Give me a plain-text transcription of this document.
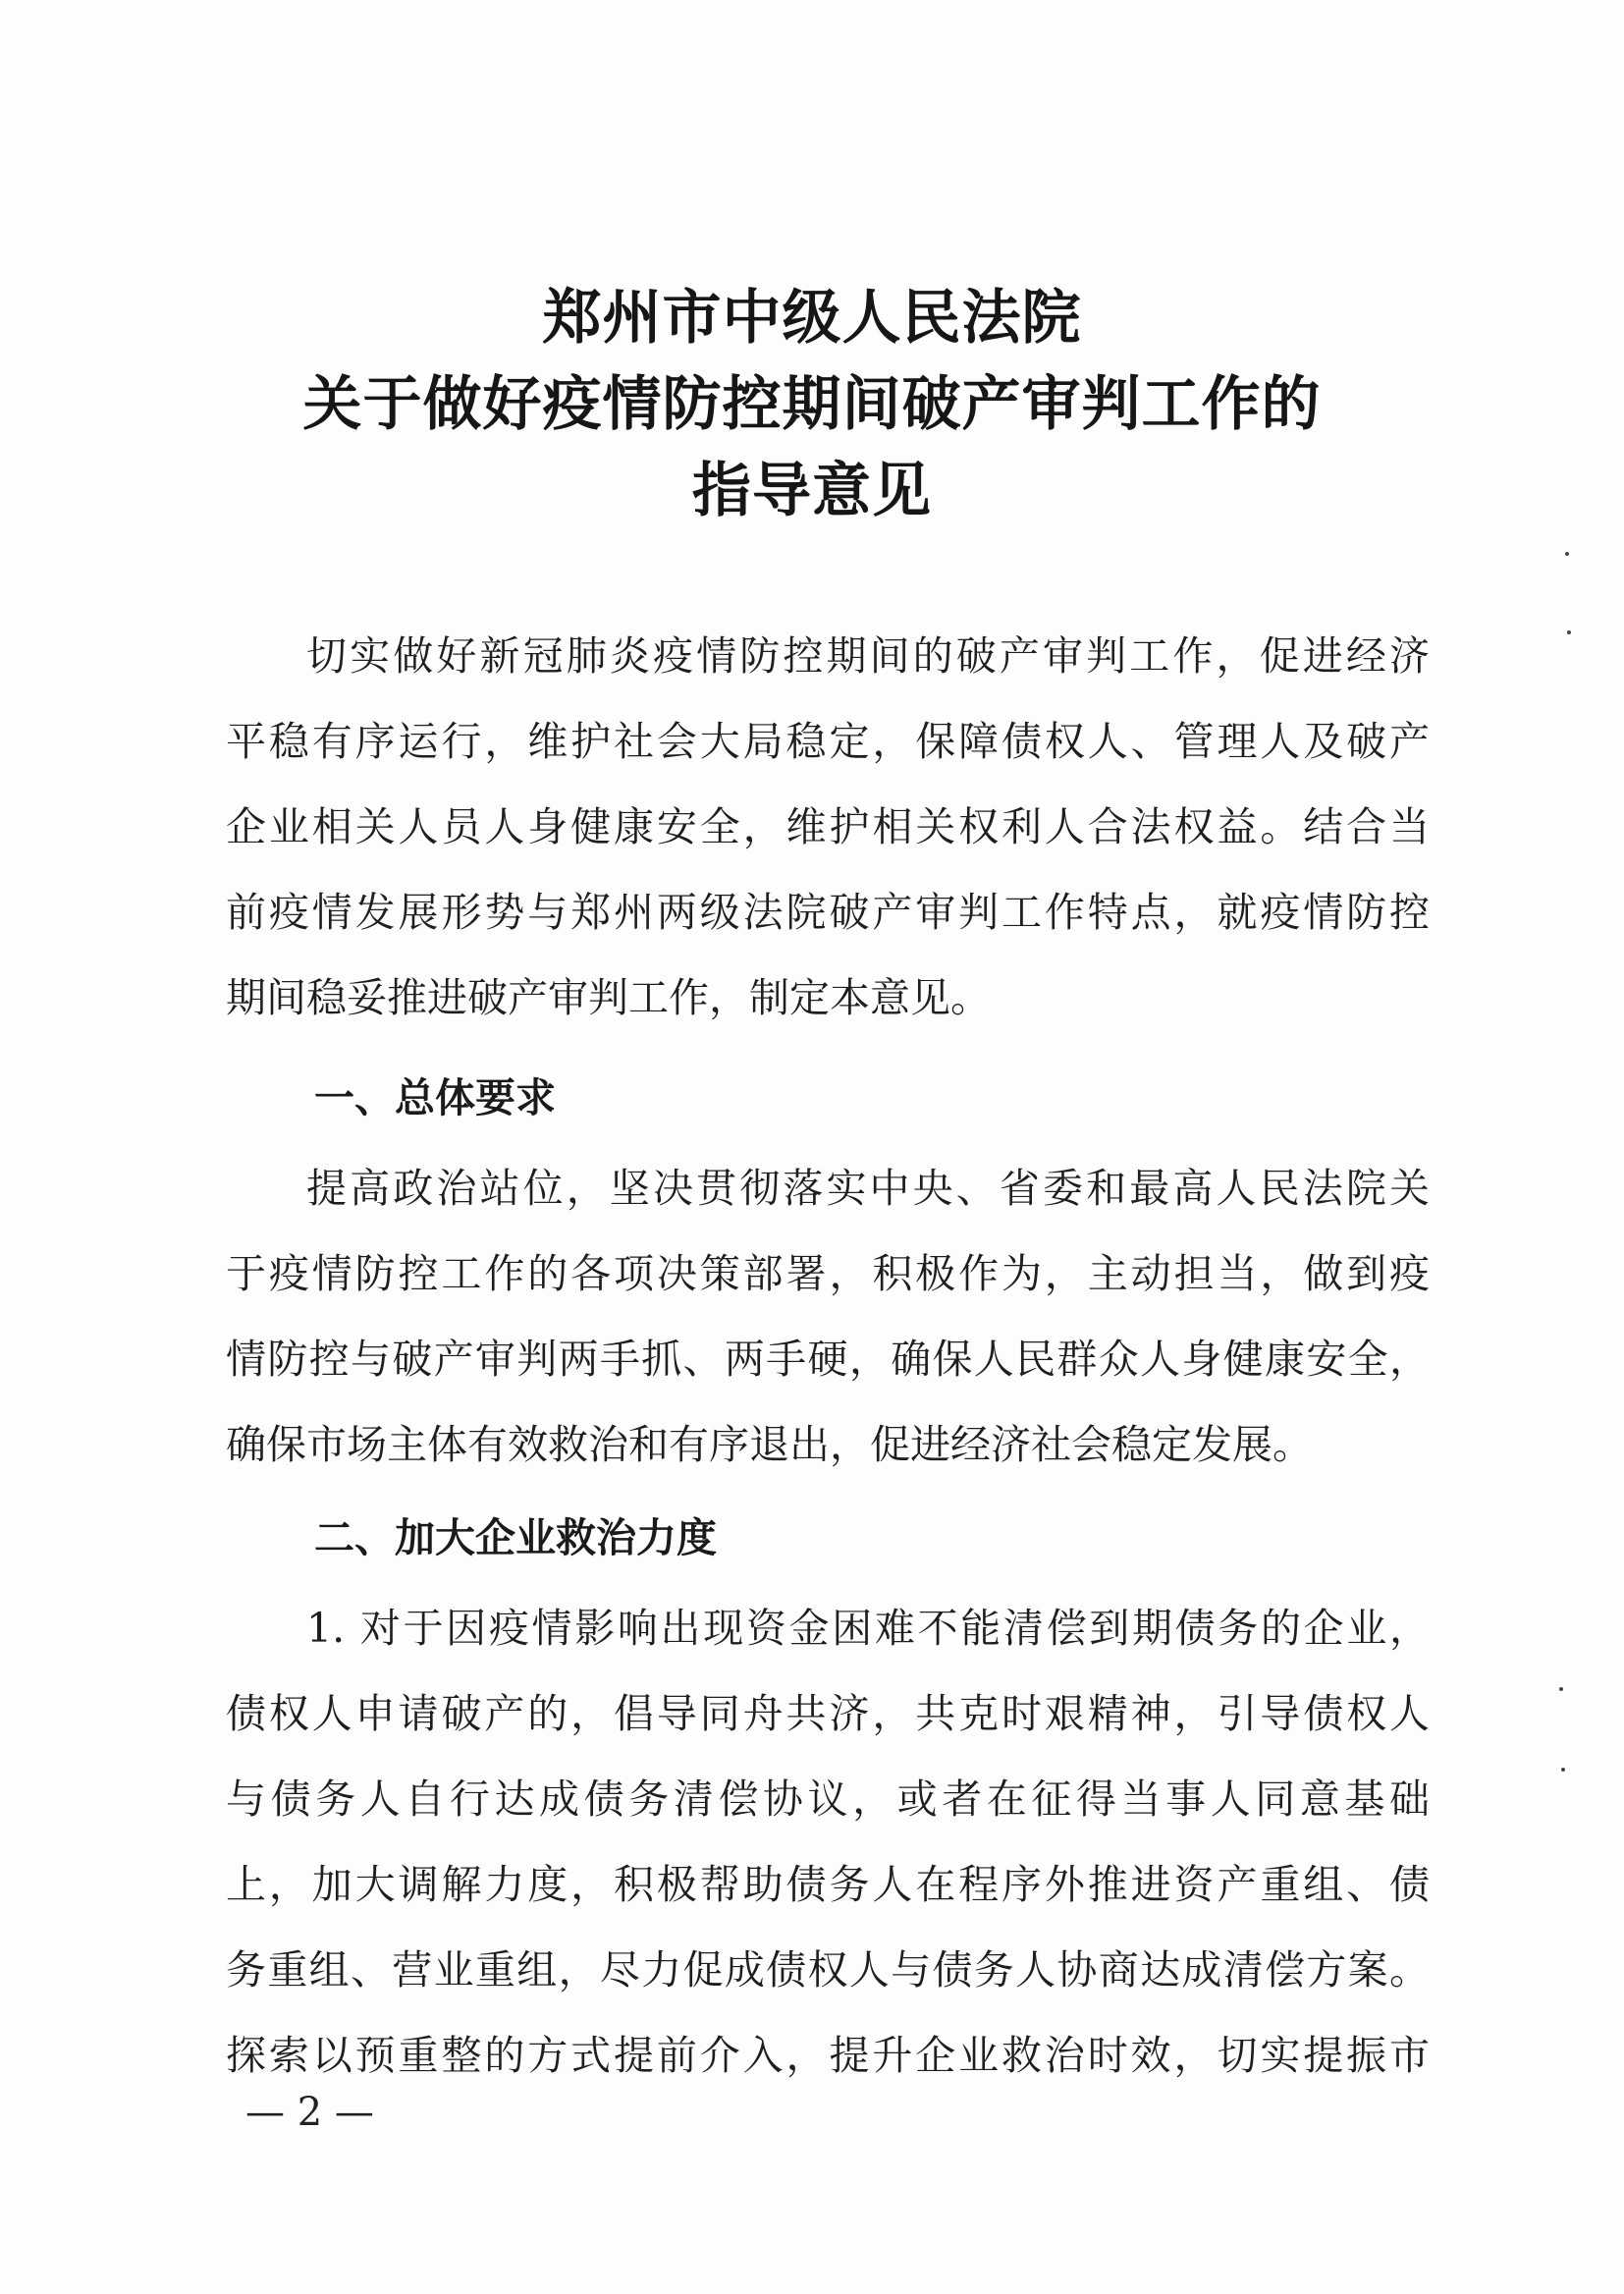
郑州市中级人民法院
关于做好疫情防控期间破产审判工作的
指导意见
切实做好新冠肺炎疫情防控期间的破产审判工作，促进经济
平稳有序运行，维护社会大局稳定，保障债权人、管理人及破产
企业相关人员人身健康安全，维护相关权利人合法权益。结合当
前疫情发展形势与郑州两级法院破产审判工作特点，就疫情防控
期间稳妥推进破产审判工作，制定本意见。
一、总体要求
提高政治站位，坚决贯彻落实中央、省委和最高人民法院关
于疫情防控工作的各项决策部署，积极作为，主动担当，做到疫
情防控与破产审判两手抓、两手硬，确保人民群众人身健康安全，
确保市场主体有效救治和有序退出，促进经济社会稳定发展。
二、加大企业救治力度
1. 对于因疫情影响出现资金困难不能清偿到期债务的企业，
债权人申请破产的，倡导同舟共济，共克时艰精神，引导债权人
与债务人自行达成债务清偿协议，或者在征得当事人同意基础
上，加大调解力度，积极帮助债务人在程序外推进资产重组、债
务重组、营业重组，尽力促成债权人与债务人协商达成清偿方案。
探索以预重整的方式提前介入，提升企业救治时效，切实提振市
— 2 —
